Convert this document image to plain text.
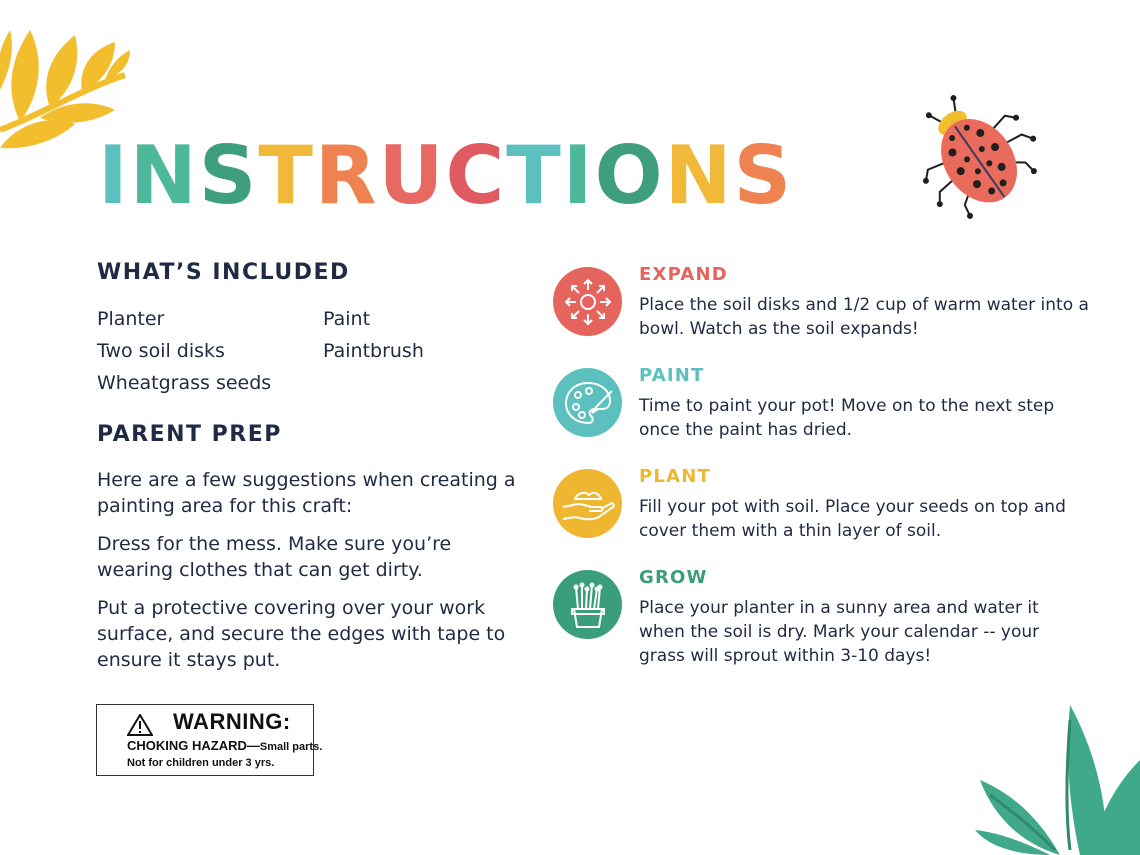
INSTRUCTIONS
WHAT’S INCLUDED
Planter	Paint
Two soil disks	Paintbrush
Wheatgrass seeds
PARENT PREP

Here are a few suggestions when creating a painting area for this craft:

Dress for the mess. Make sure you’re wearing clothes that can get dirty.

Put a protective covering over your work surface, and secure the edges with tape to ensure it stays put.

WARNING:
CHOKING HAZARD—Small parts.
Not for children under 3 yrs.
EXPAND
Place the soil disks and 1/2 cup of warm water into a bowl. Watch as the soil expands!
PAINT
Time to paint your pot! Move on to the next step once the paint has dried.
PLANT
Fill your pot with soil. Place your seeds on top and cover them with a thin layer of soil.
GROW
Place your planter in a sunny area and water it when the soil is dry. Mark your calendar -- your grass will sprout within 3-10 days!
